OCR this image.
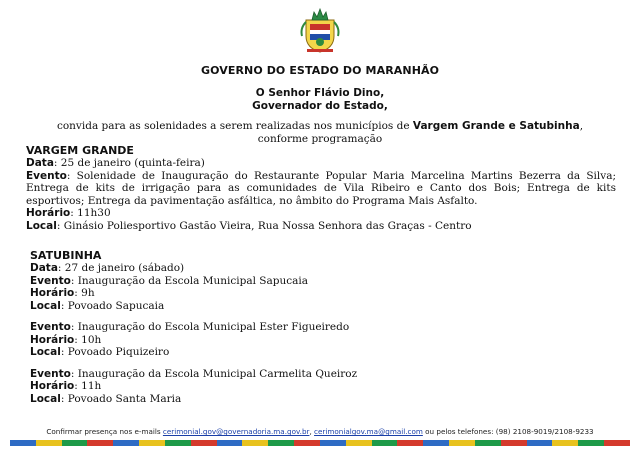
GOVERNO DO ESTADO DO MARANHÃO
O Senhor Flávio Dino,
Governador do Estado,
convida para as solenidades a serem realizadas nos municípios de Vargem Grande e Satubinha,
conforme programação
VARGEM GRANDE
Data: 25 de janeiro (quinta-feira)
Evento: Solenidade de Inauguração do Restaurante Popular Maria Marcelina Martins Bezerra da Silva; Entrega de kits de irrigação para as comunidades de Vila Ribeiro e Canto dos Bois; Entrega de kits esportivos; Entrega da pavimentação asfáltica, no âmbito do Programa Mais Asfalto.
Horário: 11h30
Local: Ginásio Poliesportivo Gastão Vieira, Rua Nossa Senhora das Graças - Centro
SATUBINHA
Data: 27 de janeiro (sábado)
Evento: Inauguração da Escola Municipal Sapucaia
Horário: 9h
Local: Povoado Sapucaia
Evento: Inauguração do Escola Municipal Ester Figueiredo
Horário: 10h
Local: Povoado Piquizeiro
Evento: Inauguração da Escola Municipal Carmelita Queiroz
Horário: 11h
Local: Povoado Santa Maria
Confirmar presença nos e-mails cerimonial.gov@governadoria.ma.gov.br, cerimonialgov.ma@gmail.com ou pelos telefones: (98) 2108-9019/2108-9233
